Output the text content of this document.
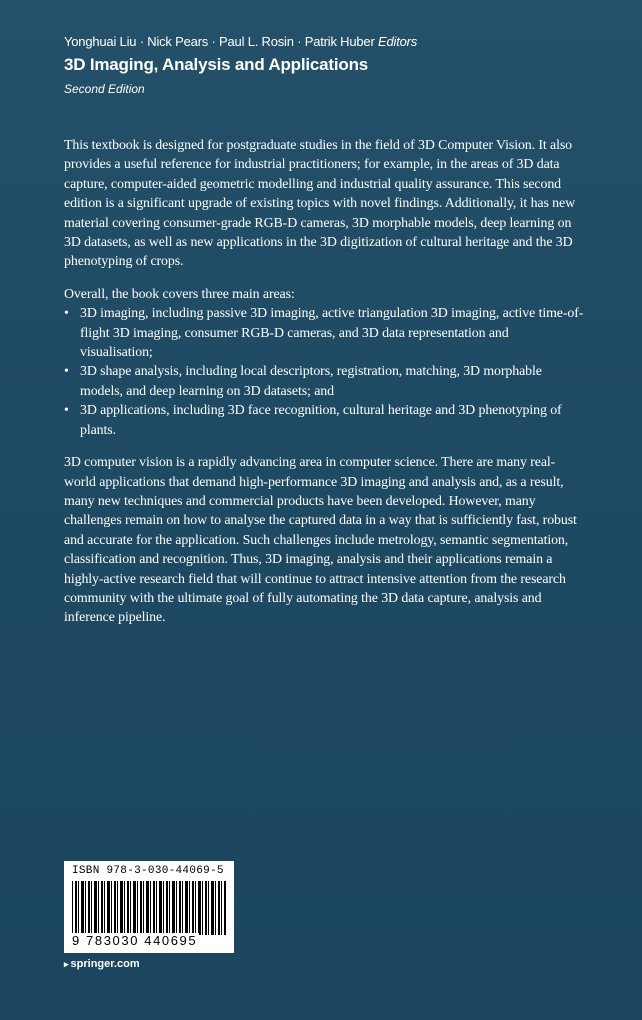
Yonghuai Liu · Nick Pears · Paul L. Rosin · Patrik Huber Editors
3D Imaging, Analysis and Applications
Second Edition

This textbook is designed for postgraduate studies in the field of 3D Computer Vision. It also provides a useful reference for industrial practitioners; for example, in the areas of 3D data capture, computer-aided geometric modelling and industrial quality assurance. This second edition is a significant upgrade of existing topics with novel findings. Additionally, it has new material covering consumer-grade RGB-D cameras, 3D morphable models, deep learning on 3D datasets, as well as new applications in the 3D digitization of cultural heritage and the 3D phenotyping of crops.

Overall, the book covers three main areas:

• 3D imaging, including passive 3D imaging, active triangulation 3D imaging, active time-of-flight 3D imaging, consumer RGB-D cameras, and 3D data representation and visualisation;
• 3D shape analysis, including local descriptors, registration, matching, 3D morphable models, and deep learning on 3D datasets; and
• 3D applications, including 3D face recognition, cultural heritage and 3D phenotyping of plants.

3D computer vision is a rapidly advancing area in computer science. There are many real-world applications that demand high-performance 3D imaging and analysis and, as a result, many new techniques and commercial products have been developed. However, many challenges remain on how to analyse the captured data in a way that is sufficiently fast, robust and accurate for the application. Such challenges include metrology, semantic segmentation, classification and recognition. Thus, 3D imaging, analysis and their applications remain a highly-active research field that will continue to attract intensive attention from the research community with the ultimate goal of fully automating the 3D data capture, analysis and inference pipeline.

ISBN 978-3-030-44069-5
9 783030 440695
▸ springer.com
